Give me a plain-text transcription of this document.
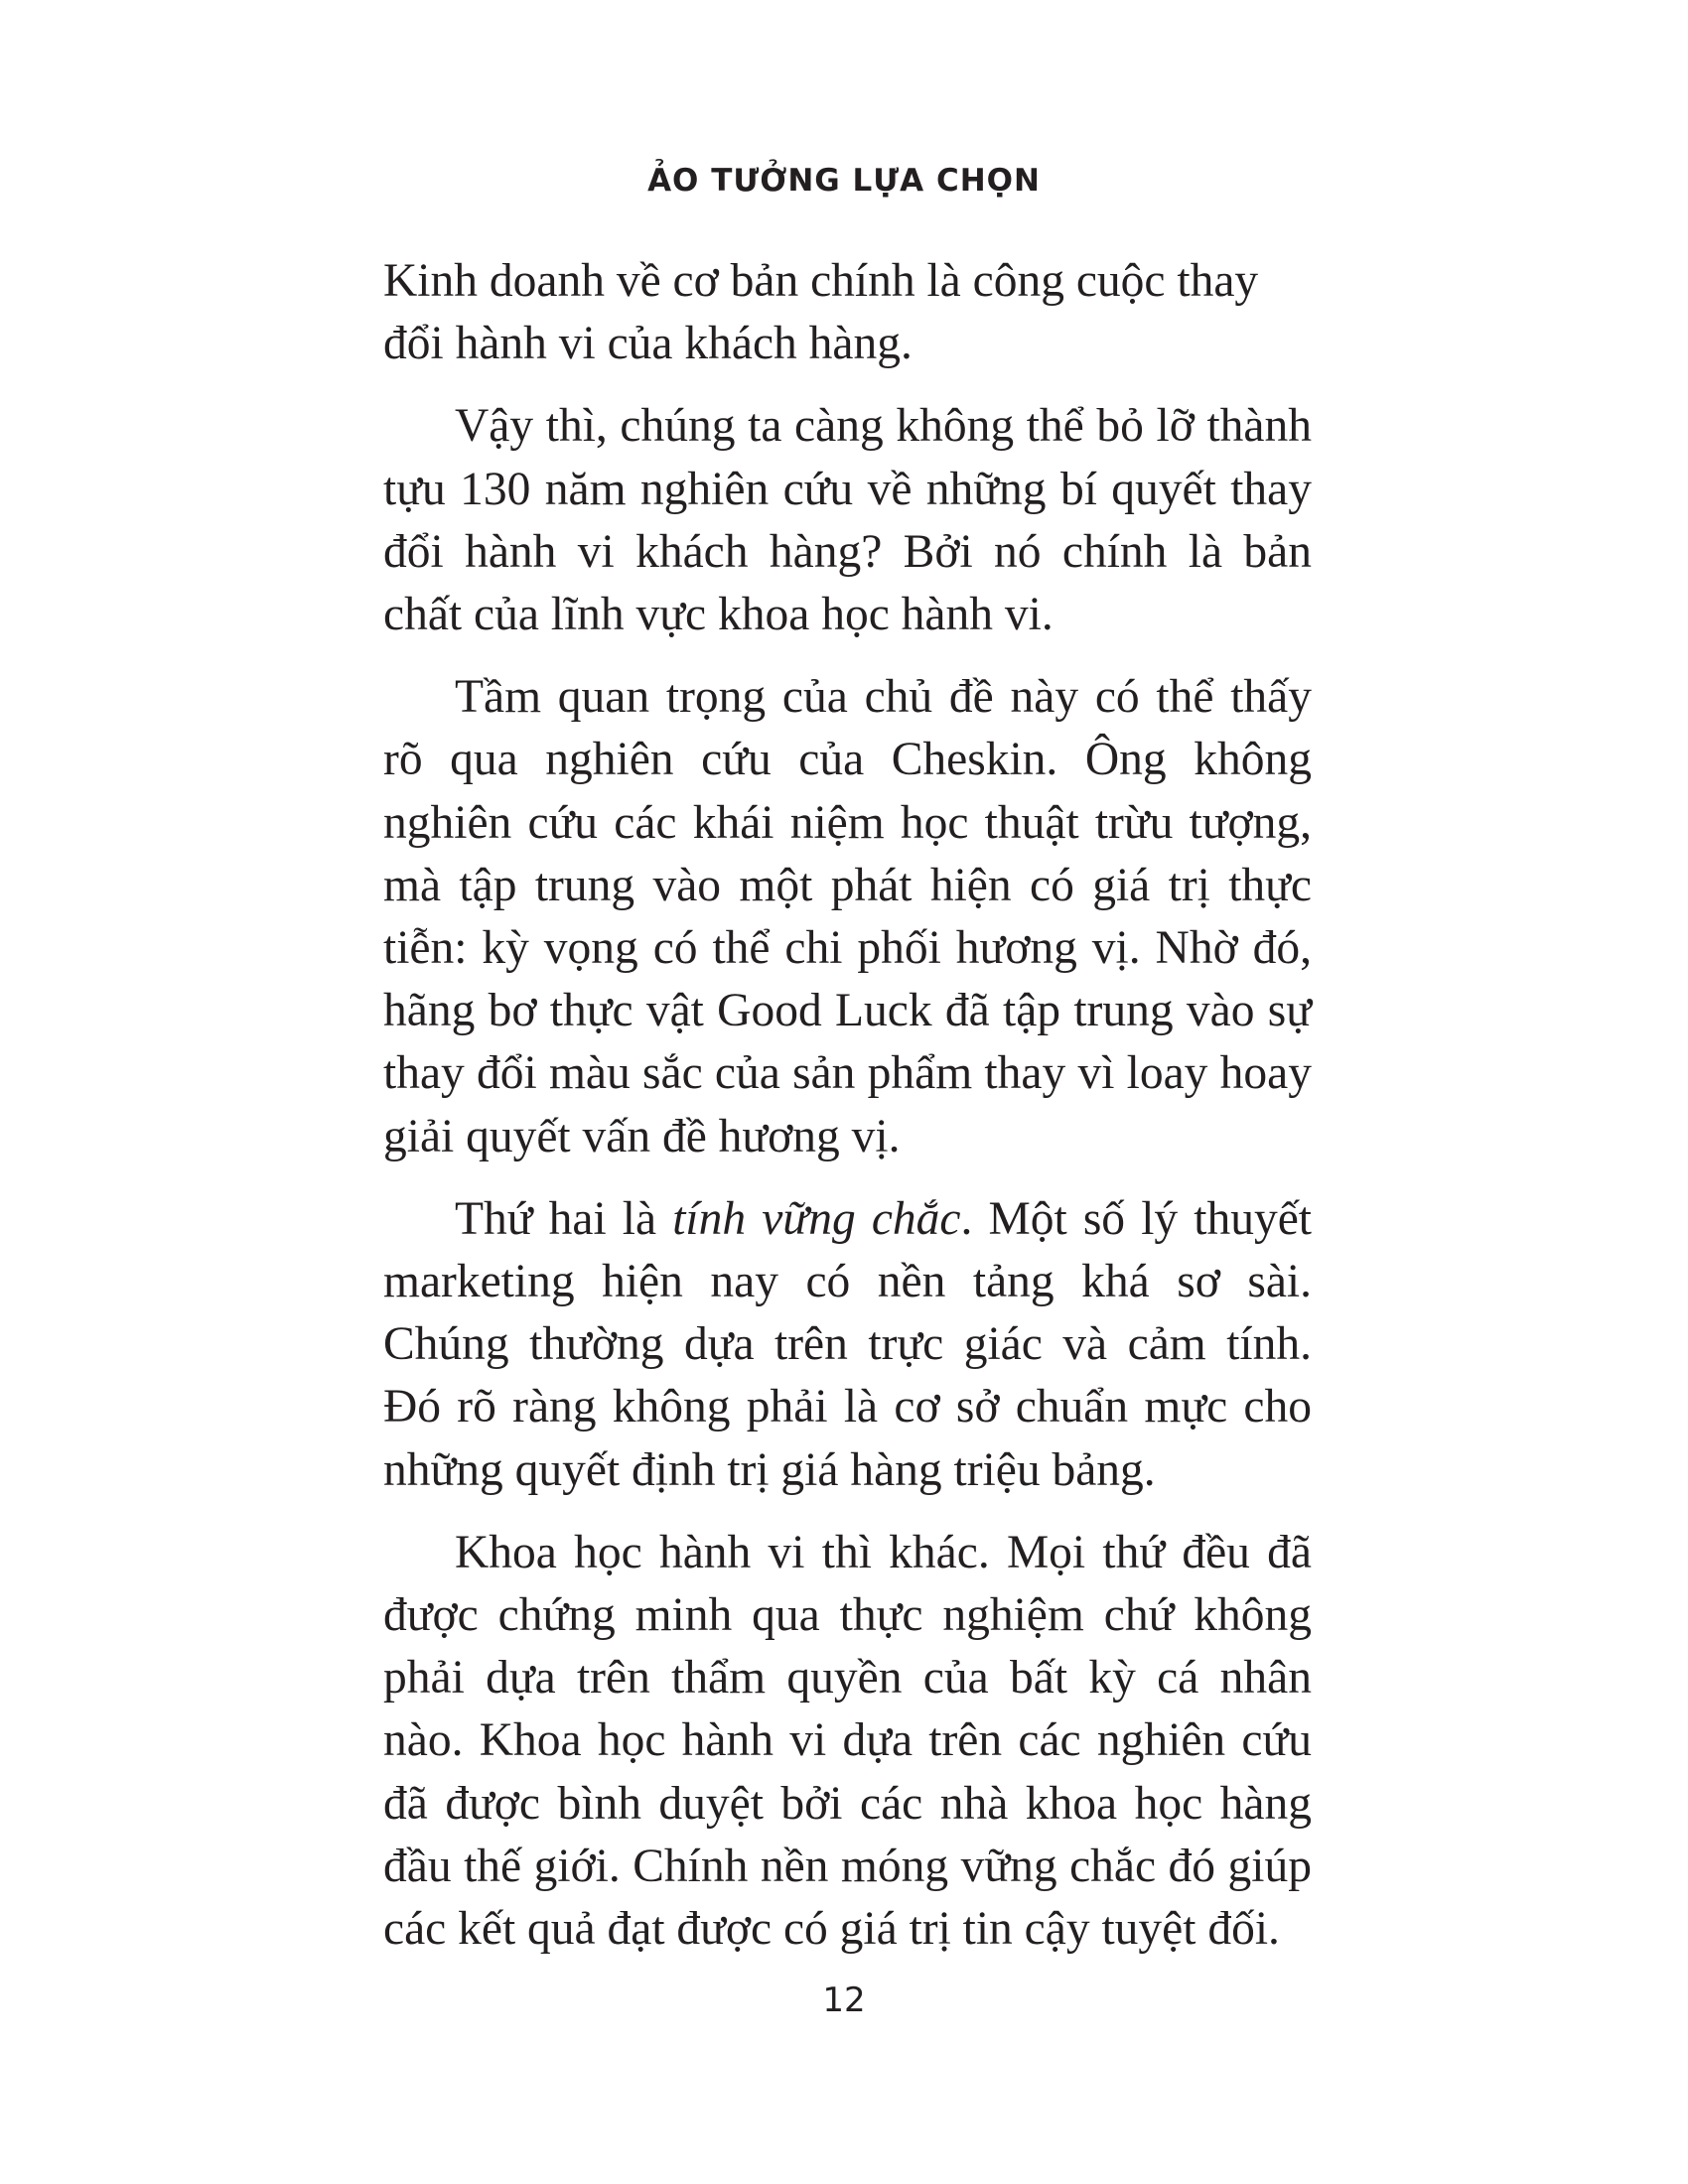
ẢO TƯỞNG LỰA CHỌN

Kinh doanh về cơ bản chính là công cuộc thay đổi hành vi của khách hàng.

Vậy thì, chúng ta càng không thể bỏ lỡ thành tựu 130 năm nghiên cứu về những bí quyết thay đổi hành vi khách hàng? Bởi nó chính là bản chất của lĩnh vực khoa học hành vi.

Tầm quan trọng của chủ đề này có thể thấy rõ qua nghiên cứu của Cheskin. Ông không nghiên cứu các khái niệm học thuật trừu tượng, mà tập trung vào một phát hiện có giá trị thực tiễn: kỳ vọng có thể chi phối hương vị. Nhờ đó, hãng bơ thực vật Good Luck đã tập trung vào sự thay đổi màu sắc của sản phẩm thay vì loay hoay giải quyết vấn đề hương vị.

Thứ hai là tính vững chắc. Một số lý thuyết marketing hiện nay có nền tảng khá sơ sài. Chúng thường dựa trên trực giác và cảm tính. Đó rõ ràng không phải là cơ sở chuẩn mực cho những quyết định trị giá hàng triệu bảng.

Khoa học hành vi thì khác. Mọi thứ đều đã được chứng minh qua thực nghiệm chứ không phải dựa trên thẩm quyền của bất kỳ cá nhân nào. Khoa học hành vi dựa trên các nghiên cứu đã được bình duyệt bởi các nhà khoa học hàng đầu thế giới. Chính nền móng vững chắc đó giúp các kết quả đạt được có giá trị tin cậy tuyệt đối.

12
